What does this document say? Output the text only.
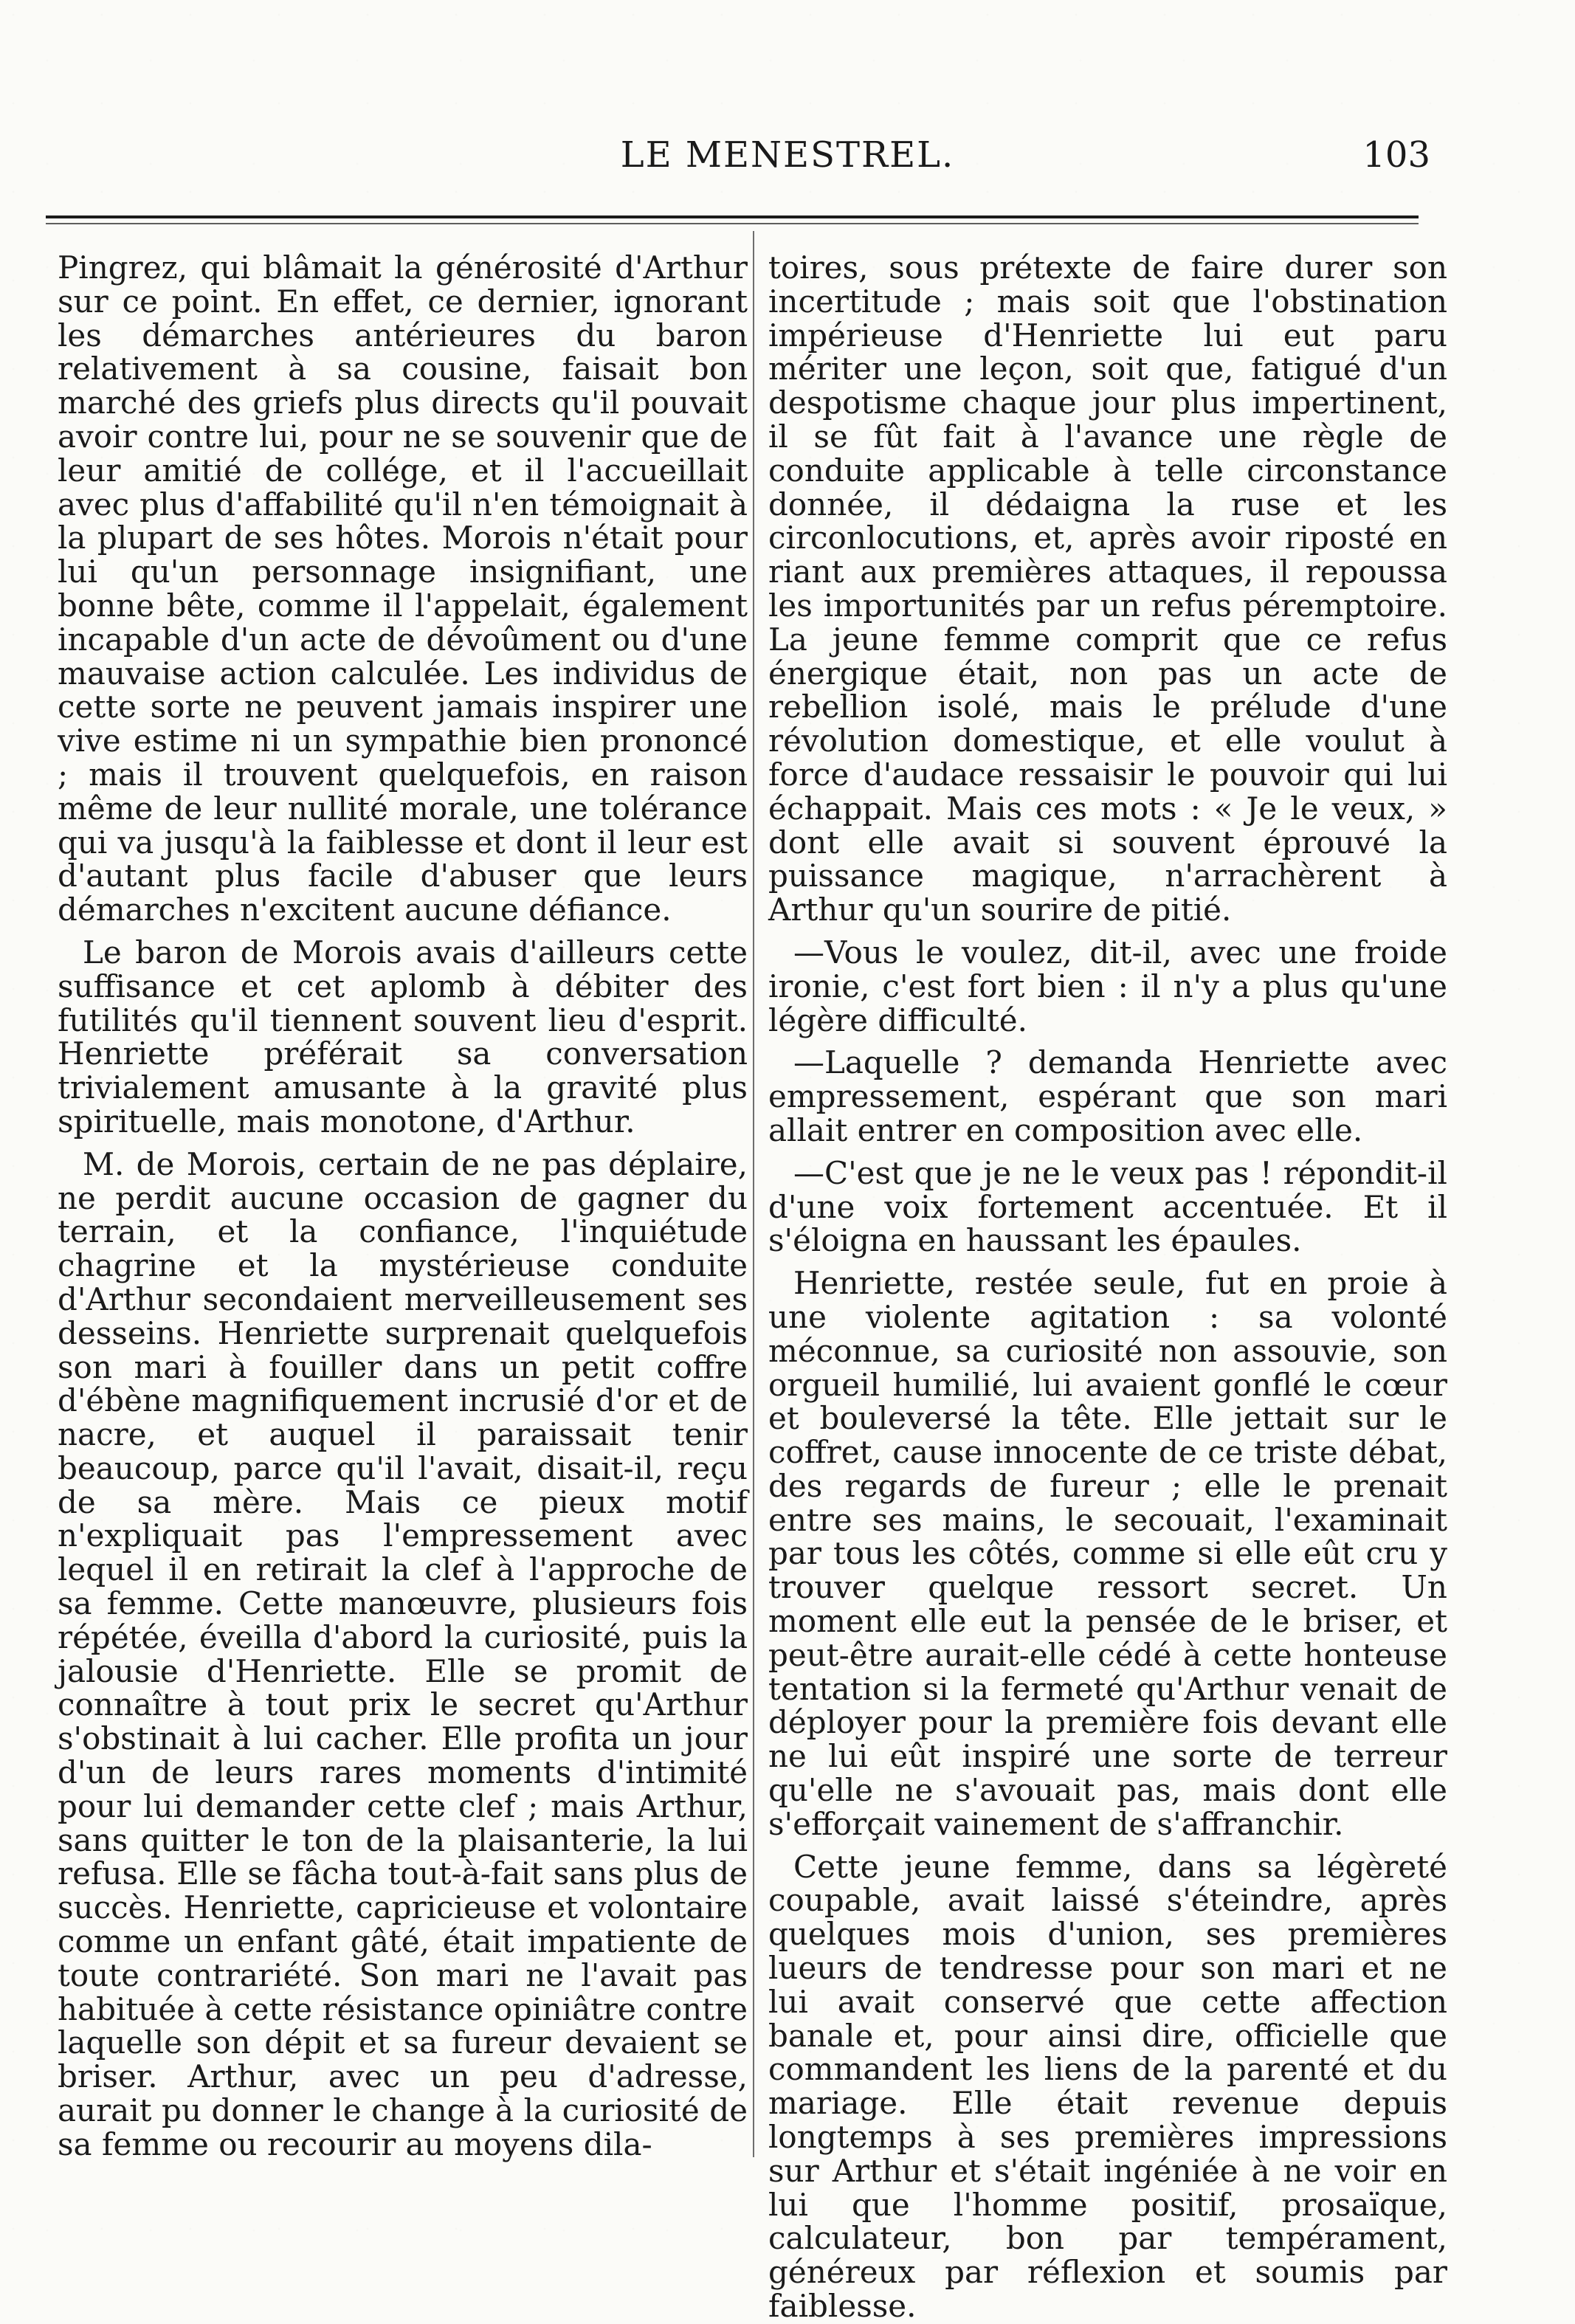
LE MENESTREL.	103

Pingrez, qui blâmait la générosité d'Arthur sur ce point. En effet, ce dernier, ignorant les démarches antérieures du baron relativement à sa cousine, faisait bon marché des griefs plus directs qu'il pouvait avoir contre lui, pour ne se souvenir que de leur amitié de collége, et il l'accueillait avec plus d'affabilité qu'il n'en témoignait à la plupart de ses hôtes. Morois n'était pour lui qu'un personnage insignifiant, une bonne bête, comme il l'appelait, également incapable d'un acte de dévoûment ou d'une mauvaise action calculée. Les individus de cette sorte ne peuvent jamais inspirer une vive estime ni un sympathie bien prononcé ; mais il trouvent quelquefois, en raison même de leur nullité morale, une tolérance qui va jusqu'à la faiblesse et dont il leur est d'autant plus facile d'abuser que leurs démarches n'excitent aucune défiance.

Le baron de Morois avais d'ailleurs cette suffisance et cet aplomb à débiter des futilités qu'il tiennent souvent lieu d'esprit. Henriette préférait sa conversation trivialement amusante à la gravité plus spirituelle, mais monotone, d'Arthur.

M. de Morois, certain de ne pas déplaire, ne perdit aucune occasion de gagner du terrain, et la confiance, l'inquiétude chagrine et la mystérieuse conduite d'Arthur secondaient merveilleusement ses desseins. Henriette surprenait quelquefois son mari à fouiller dans un petit coffre d'ébène magnifiquement incrusié d'or et de nacre, et auquel il paraissait tenir beaucoup, parce qu'il l'avait, disait-il, reçu de sa mère. Mais ce pieux motif n'expliquait pas l'empressement avec lequel il en retirait la clef à l'approche de sa femme. Cette manœuvre, plusieurs fois répétée, éveilla d'abord la curiosité, puis la jalousie d'Henriette. Elle se promit de connaître à tout prix le secret qu'Arthur s'obstinait à lui cacher. Elle profita un jour d'un de leurs rares moments d'intimité pour lui demander cette clef ; mais Arthur, sans quitter le ton de la plaisanterie, la lui refusa. Elle se fâcha tout-à-fait sans plus de succès. Henriette, capricieuse et volontaire comme un enfant gâté, était impatiente de toute contrariété. Son mari ne l'avait pas habituée à cette résistance opiniâtre contre laquelle son dépit et sa fureur devaient se briser. Arthur, avec un peu d'adresse, aurait pu donner le change à la curiosité de sa femme ou recourir au moyens dila-

toires, sous prétexte de faire durer son incertitude ; mais soit que l'obstination impérieuse d'Henriette lui eut paru mériter une leçon, soit que, fatigué d'un despotisme chaque jour plus impertinent, il se fût fait à l'avance une règle de conduite applicable à telle circonstance donnée, il dédaigna la ruse et les circonlocutions, et, après avoir riposté en riant aux premières attaques, il repoussa les importunités par un refus péremptoire. La jeune femme comprit que ce refus énergique était, non pas un acte de rebellion isolé, mais le prélude d'une révolution domestique, et elle voulut à force d'audace ressaisir le pouvoir qui lui échappait. Mais ces mots : « Je le veux, » dont elle avait si souvent éprouvé la puissance magique, n'arrachèrent à Arthur qu'un sourire de pitié.

—Vous le voulez, dit-il, avec une froide ironie, c'est fort bien : il n'y a plus qu'une légère difficulté.

—Laquelle ? demanda Henriette avec empressement, espérant que son mari allait entrer en composition avec elle.

—C'est que je ne le veux pas ! répondit-il d'une voix fortement accentuée. Et il s'éloigna en haussant les épaules.

Henriette, restée seule, fut en proie à une violente agitation : sa volonté méconnue, sa curiosité non assouvie, son orgueil humilié, lui avaient gonflé le cœur et bouleversé la tête. Elle jettait sur le coffret, cause innocente de ce triste débat, des regards de fureur ; elle le prenait entre ses mains, le secouait, l'examinait par tous les côtés, comme si elle eût cru y trouver quelque ressort secret. Un moment elle eut la pensée de le briser, et peut-être aurait-elle cédé à cette honteuse tentation si la fermeté qu'Arthur venait de déployer pour la première fois devant elle ne lui eût inspiré une sorte de terreur qu'elle ne s'avouait pas, mais dont elle s'efforçait vainement de s'affranchir.

Cette jeune femme, dans sa légèreté coupable, avait laissé s'éteindre, après quelques mois d'union, ses premières lueurs de tendresse pour son mari et ne lui avait conservé que cette affection banale et, pour ainsi dire, officielle que commandent les liens de la parenté et du mariage. Elle était revenue depuis longtemps à ses premières impressions sur Arthur et s'était ingéniée à ne voir en lui que l'homme positif, prosaïque, calculateur, bon par tempérament, généreux par réflexion et soumis par faiblesse.
